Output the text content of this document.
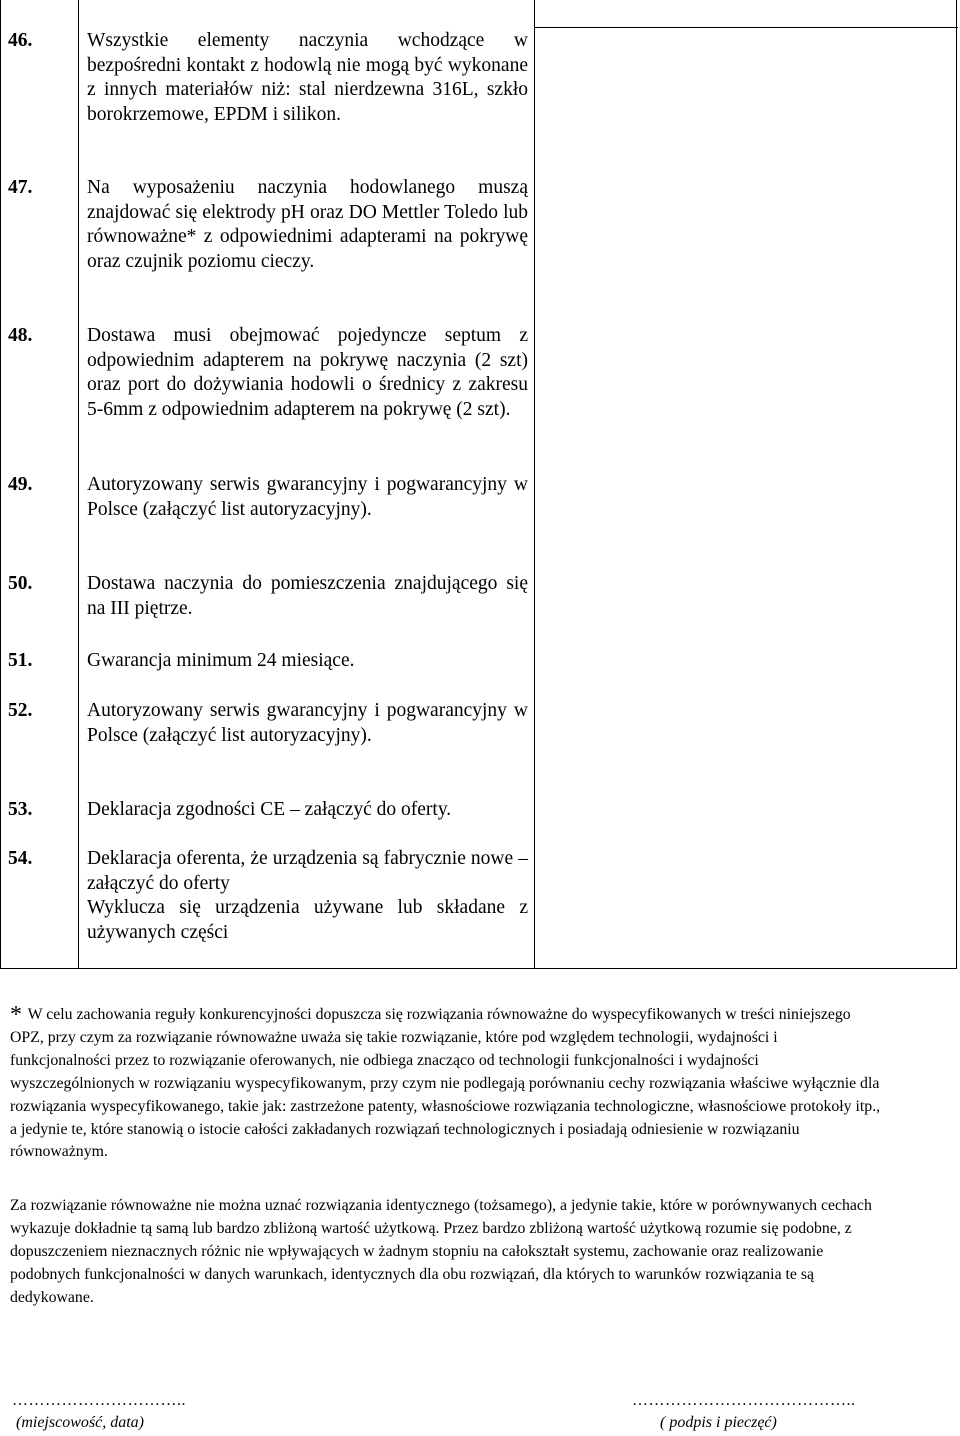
46.	Wszystkie elementy naczynia wchodzące w bezpośredni kontakt z hodowlą nie mogą być wykonane z innych materiałów niż: stal nierdzewna 316L, szkło borokrzemowe, EPDM i silikon.
47.	Na wyposażeniu naczynia hodowlanego muszą znajdować się elektrody pH oraz DO Mettler Toledo lub równoważne* z odpowiednimi adapterami na pokrywę oraz czujnik poziomu cieczy.
48.	Dostawa musi obejmować pojedyncze septum z odpowiednim adapterem na pokrywę naczynia (2 szt) oraz port do dożywiania hodowli o średnicy z zakresu 5-6mm z odpowiednim adapterem na pokrywę (2 szt).
49.	Autoryzowany serwis gwarancyjny i pogwarancyjny w Polsce (załączyć list autoryzacyjny).
50.	Dostawa naczynia do pomieszczenia znajdującego się na III piętrze.
51.	Gwarancja minimum 24 miesiące.
52.	Autoryzowany serwis gwarancyjny i pogwarancyjny w Polsce (załączyć list autoryzacyjny).
53.	Deklaracja zgodności CE – załączyć do oferty.
54.	Deklaracja oferenta, że urządzenia są fabrycznie nowe – załączyć do oferty
Wyklucza się urządzenia używane lub składane z używanych części

* W celu zachowania reguły konkurencyjności dopuszcza się rozwiązania równoważne do wyspecyfikowanych w treści niniejszego OPZ, przy czym za rozwiązanie równoważne uważa się takie rozwiązanie, które pod względem technologii, wydajności i funkcjonalności przez to rozwiązanie oferowanych, nie odbiega znacząco od technologii funkcjonalności i wydajności wyszczególnionych w rozwiązaniu wyspecyfikowanym, przy czym nie podlegają porównaniu cechy rozwiązania właściwe wyłącznie dla rozwiązania wyspecyfikowanego, takie jak: zastrzeżone patenty, własnościowe rozwiązania technologiczne, własnościowe protokoły itp., a jedynie te, które stanowią o istocie całości zakładanych rozwiązań technologicznych i posiadają odniesienie w rozwiązaniu równoważnym.

Za rozwiązanie równoważne nie można uznać rozwiązania identycznego (tożsamego), a jedynie takie, które w porównywanych cechach wykazuje dokładnie tą samą lub bardzo zbliżoną wartość użytkową. Przez bardzo zbliżoną wartość użytkową rozumie się podobne, z dopuszczeniem nieznacznych różnic nie wpływających w żadnym stopniu na całokształt systemu, zachowanie oraz realizowanie podobnych funkcjonalności w danych warunkach, identycznych dla obu rozwiązań, dla których to warunków rozwiązania te są dedykowane.

…………………………..
(miejscowość, data)
…………………………………..
( podpis i pieczęć)
